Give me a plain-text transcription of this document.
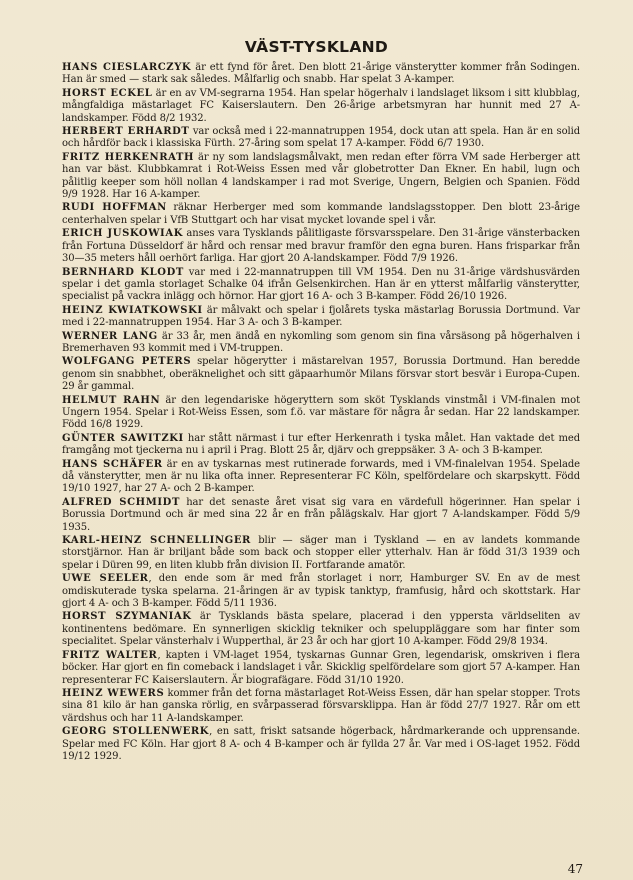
VÄST-TYSKLAND

HANS CIESLARCZYK är ett fynd för året. Den blott 21-årige vänsterytter kommer från Sodingen. Han är smed — stark sak således. Målfarlig och snabb. Har spelat 3 A-kamper.

HORST ECKEL är en av VM-segrarna 1954. Han spelar högerhalv i landslaget liksom i sitt klubblag, mångfaldiga mästarlaget FC Kaiserslautern. Den 26-årige arbetsmyran har hunnit med 27 A-landskamper. Född 8/2 1932.

HERBERT ERHARDT var också med i 22-mannatruppen 1954, dock utan att spela. Han är en solid och hårdför back i klassiska Fürth. 27-åring som spelat 17 A-kamper. Född 6/7 1930.

FRITZ HERKENRATH är ny som landslagsmålvakt, men redan efter förra VM sade Herberger att han var bäst. Klubbkamrat i Rot-Weiss Essen med vår globetrotter Dan Ekner. En habil, lugn och pålitlig keeper som höll nollan 4 landskamper i rad mot Sverige, Ungern, Belgien och Spanien. Född 9/9 1928. Har 16 A-kamper.

RUDI HOFFMAN räknar Herberger med som kommande landslagsstopper. Den blott 23-årige centerhalven spelar i VfB Stuttgart och har visat mycket lovande spel i vår.

ERICH JUSKOWIAK anses vara Tysklands pålitligaste försvarsspelare. Den 31-årige vänsterbacken från Fortuna Düsseldorf är hård och rensar med bravur framför den egna buren. Hans frisparkar från 30—35 meters håll oerhört farliga. Har gjort 20 A-landskamper. Född 7/9 1926.

BERNHARD KLODT var med i 22-mannatruppen till VM 1954. Den nu 31-årige värdshusvärden spelar i det gamla storlaget Schalke 04 ifrån Gelsenkirchen. Han är en ytterst målfarlig vänsterytter, specialist på vackra inlägg och hörnor. Har gjort 16 A- och 3 B-kamper. Född 26/10 1926.

HEINZ KWIATKOWSKI är målvakt och spelar i fjolårets tyska mästarlag Borussia Dortmund. Var med i 22-mannatruppen 1954. Har 3 A- och 3 B-kamper.

WERNER LANG är 33 år, men ändå en nykomling som genom sin fina vårsäsong på högerhalven i Bremerhaven 93 kommit med i VM-truppen.

WOLFGANG PETERS spelar högerytter i mästarelvan 1957, Borussia Dortmund. Han beredde genom sin snabbhet, oberäknelighet och sitt gäpaarhumör Milans försvar stort besvär i Europa-Cupen. 29 år gammal.

HELMUT RAHN är den legendariske högeryttern som sköt Tysklands vinstmål i VM-finalen mot Ungern 1954. Spelar i Rot-Weiss Essen, som f.ö. var mästare för några år sedan. Har 22 landskamper. Född 16/8 1929.

GÜNTER SAWITZKI har stått närmast i tur efter Herkenrath i tyska målet. Han vaktade det med framgång mot tjeckerna nu i april i Prag. Blott 25 år, djärv och greppsäker. 3 A- och 3 B-kamper.

HANS SCHÄFER är en av tyskarnas mest rutinerade forwards, med i VM-finalelvan 1954. Spelade då vänsterytter, men är nu lika ofta inner. Representerar FC Köln, spelfördelare och skarpskytt. Född 19/10 1927, har 27 A- och 2 B-kamper.

ALFRED SCHMIDT har det senaste året visat sig vara en värdefull högerinner. Han spelar i Borussia Dortmund och är med sina 22 år en från pålägskalv. Har gjort 7 A-landskamper. Född 5/9 1935.

KARL-HEINZ SCHNELLINGER blir — säger man i Tyskland — en av landets kommande storstjärnor. Han är briljant både som back och stopper eller ytterhalv. Han är född 31/3 1939 och spelar i Düren 99, en liten klubb från division II. Fortfarande amatör.

UWE SEELER, den ende som är med från storlaget i norr, Hamburger SV. En av de mest omdiskuterade tyska spelarna. 21-åringen är av typisk tanktyp, framfusig, hård och skottstark. Har gjort 4 A- och 3 B-kamper. Född 5/11 1936.

HORST SZYMANIAK är Tysklands bästa spelare, placerad i den yppersta världseliten av kontinentens bedömare. En synnerligen skicklig tekniker och speluppläggare som har finter som specialitet. Spelar vänsterhalv i Wupperthal, är 23 år och har gjort 10 A-kamper. Född 29/8 1934.

FRITZ WALTER, kapten i VM-laget 1954, tyskarnas Gunnar Gren, legendarisk, omskriven i flera böcker. Har gjort en fin comeback i landslaget i vår. Skicklig spelfördelare som gjort 57 A-kamper. Han representerar FC Kaiserslautern. Är biografägare. Född 31/10 1920.

HEINZ WEWERS kommer från det forna mästarlaget Rot-Weiss Essen, där han spelar stopper. Trots sina 81 kilo är han ganska rörlig, en svårpasserad försvarsklippa. Han är född 27/7 1927. Rår om ett värdshus och har 11 A-landskamper.

GEORG STOLLENWERK, en satt, friskt satsande högerback, hårdmarkerande och upprensande. Spelar med FC Köln. Har gjort 8 A- och 4 B-kamper och är fyllda 27 år. Var med i OS-laget 1952. Född 19/12 1929.

47
